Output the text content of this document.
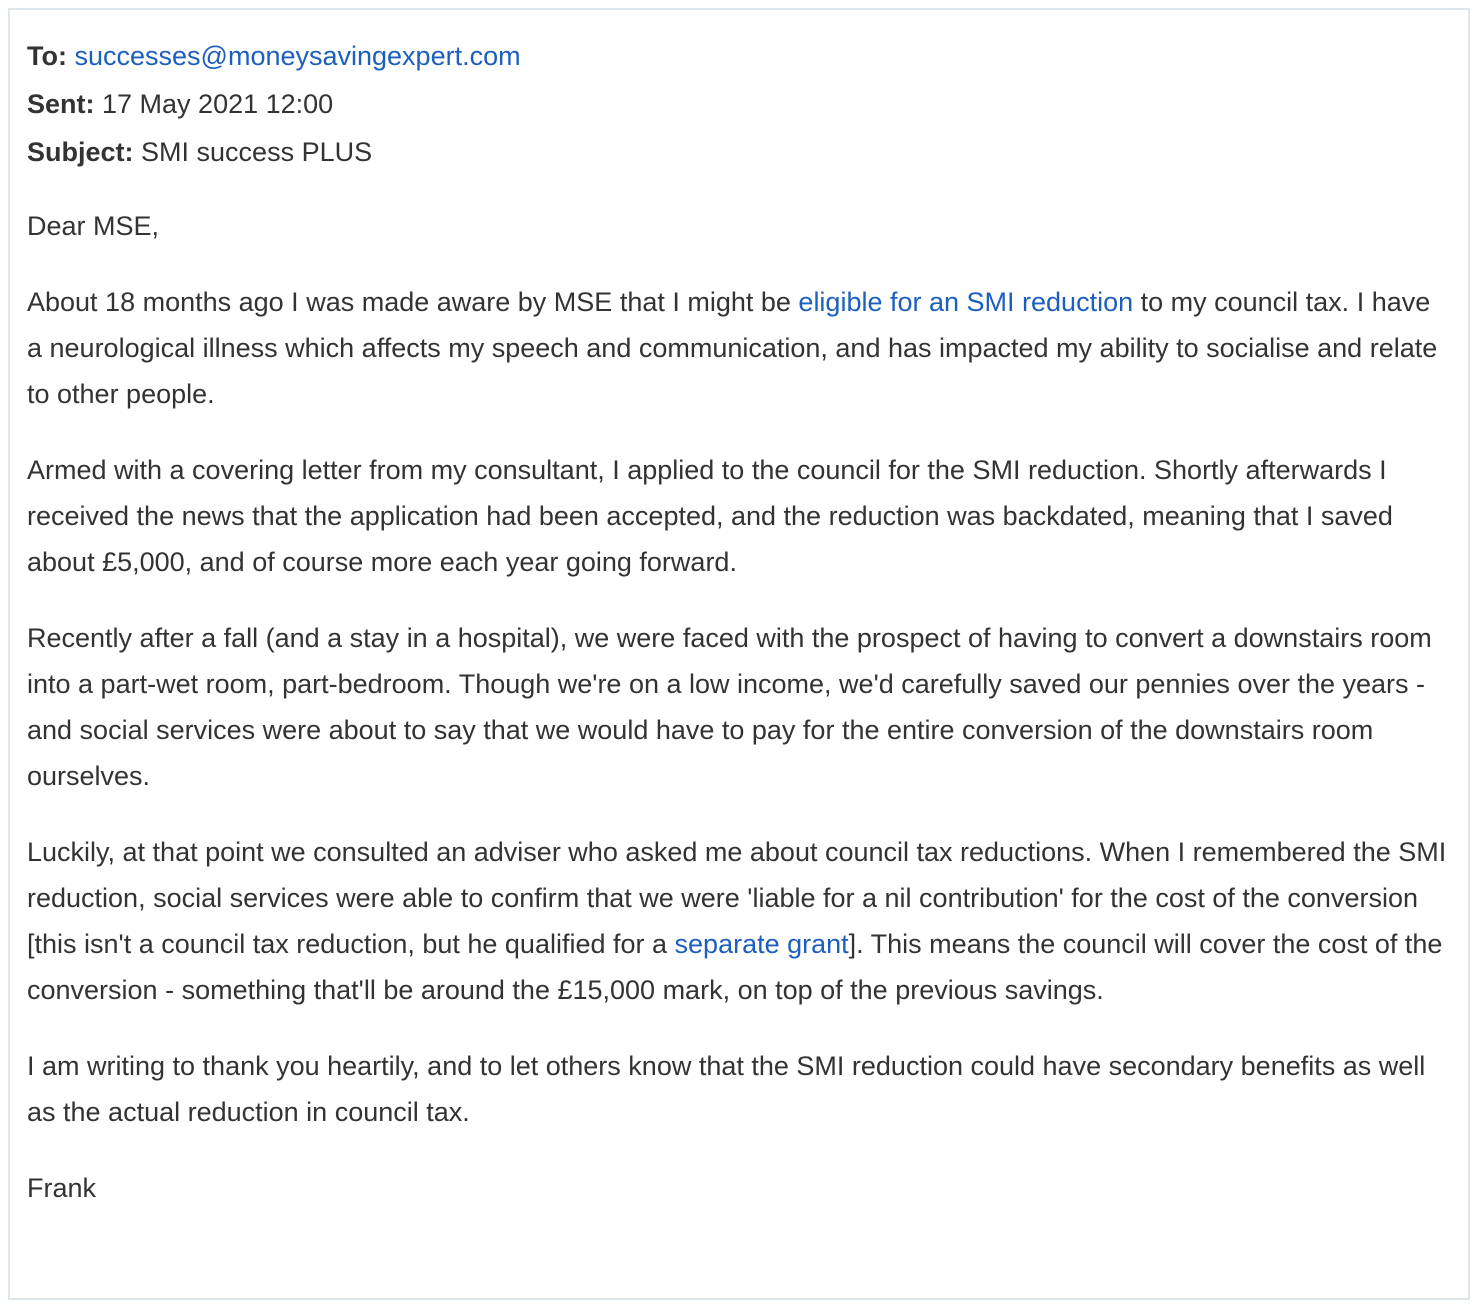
To: successes@moneysavingexpert.com

Sent: 17 May 2021 12:00

Subject: SMI success PLUS

Dear MSE,

About 18 months ago I was made aware by MSE that I might be eligible for an SMI reduction to my council tax. I have a neurological illness which affects my speech and communication, and has impacted my ability to socialise and relate to other people.

Armed with a covering letter from my consultant, I applied to the council for the SMI reduction. Shortly afterwards I received the news that the application had been accepted, and the reduction was backdated, meaning that I saved about £5,000, and of course more each year going forward.

Recently after a fall (and a stay in a hospital), we were faced with the prospect of having to convert a downstairs room into a part-wet room, part-bedroom. Though we're on a low income, we'd carefully saved our pennies over the years - and social services were about to say that we would have to pay for the entire conversion of the downstairs room ourselves.

Luckily, at that point we consulted an adviser who asked me about council tax reductions. When I remembered the SMI reduction, social services were able to confirm that we were 'liable for a nil contribution' for the cost of the conversion [this isn't a council tax reduction, but he qualified for a separate grant]. This means the council will cover the cost of the conversion - something that'll be around the £15,000 mark, on top of the previous savings.

I am writing to thank you heartily, and to let others know that the SMI reduction could have secondary benefits as well as the actual reduction in council tax.

Frank
